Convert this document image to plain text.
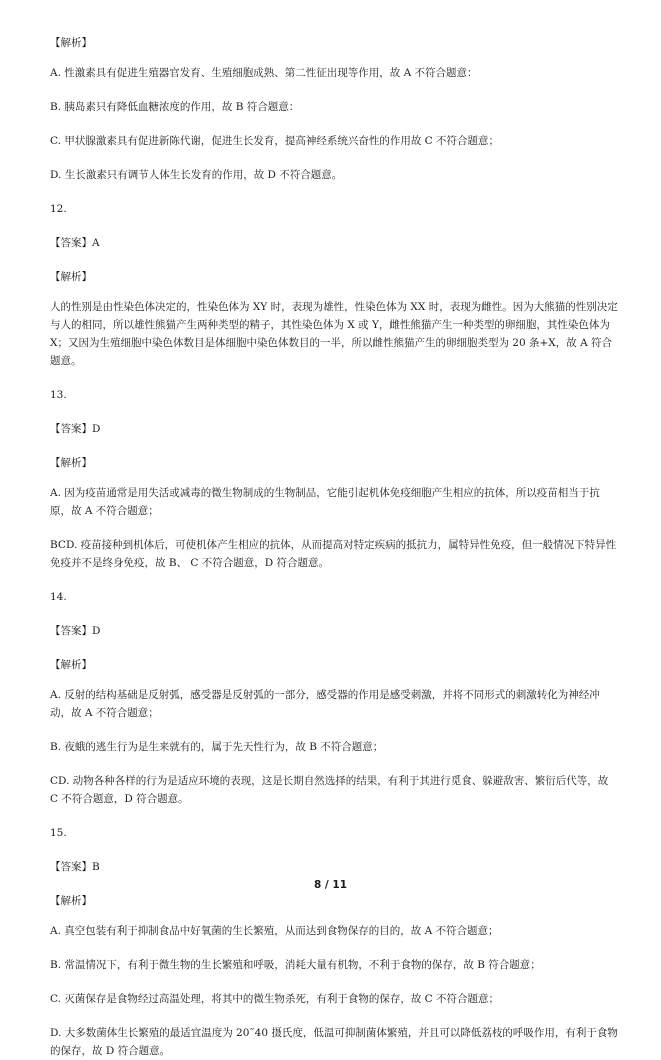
【解析】

A. 性激素具有促进生殖器官发育、生殖细胞成熟、第二性征出现等作用，故 A 不符合题意：

B. 胰岛素只有降低血糖浓度的作用，故 B 符合题意：

C. 甲状腺激素具有促进新陈代谢，促进生长发育，提高神经系统兴奋性的作用故 C 不符合题意；

D. 生长激素只有调节人体生长发育的作用，故 D 不符合题意。

12.

【答案】A

【解析】

人的性别是由性染色体决定的，性染色体为 XY 时，表现为雄性，性染色体为 XX 时，表现为雌性。因为大熊猫的性别决定与人的相同，所以雄性熊猫产生两种类型的精子，其性染色体为 X 或 Y，雌性熊猫产生一种类型的卵细胞，其性染色体为 X；又因为生殖细胞中染色体数目是体细胞中染色体数目的一半，所以雌性熊猫产生的卵细胞类型为 20 条+X，故 A 符合题意。

13.

【答案】D

【解析】

A. 因为疫苗通常是用失活或减毒的微生物制成的生物制品，它能引起机体免疫细胞产生相应的抗体，所以疫苗相当于抗原，故 A 不符合题意；

BCD. 疫苗接种到机体后，可使机体产生相应的抗体，从而提高对特定疾病的抵抗力，属特异性免疫，但一般情况下特异性免疫并不是终身免疫，故 B、 C 不符合题意，D 符合题意。

14.

【答案】D

【解析】

A. 反射的结构基础是反射弧，感受器是反射弧的一部分，感受器的作用是感受刺激，并将不同形式的刺激转化为神经冲动，故 A 不符合题意；

B. 夜蛾的逃生行为是生来就有的，属于先天性行为，故 B 不符合题意；

CD. 动物各种各样的行为是适应环境的表现，这是长期自然选择的结果，有利于其进行觅食、躲避敌害、繁衍后代等，故 C 不符合题意，D 符合题意。

15.

【答案】B

【解析】

A. 真空包装有利于抑制食品中好氧菌的生长繁殖，从而达到食物保存的目的，故 A 不符合题意；

B. 常温情况下，有利于微生物的生长繁殖和呼吸，消耗大量有机物，不利于食物的保存，故 B 符合题意；

C. 灭菌保存是食物经过高温处理，将其中的微生物杀死，有利于食物的保存，故 C 不符合题意；

D. 大多数菌体生长繁殖的最适宜温度为 20˜40 摄氏度，低温可抑制菌体繁殖，并且可以降低荔枝的呼吸作用，有利于食物的保存，故 D 符合题意。

8 / 11
